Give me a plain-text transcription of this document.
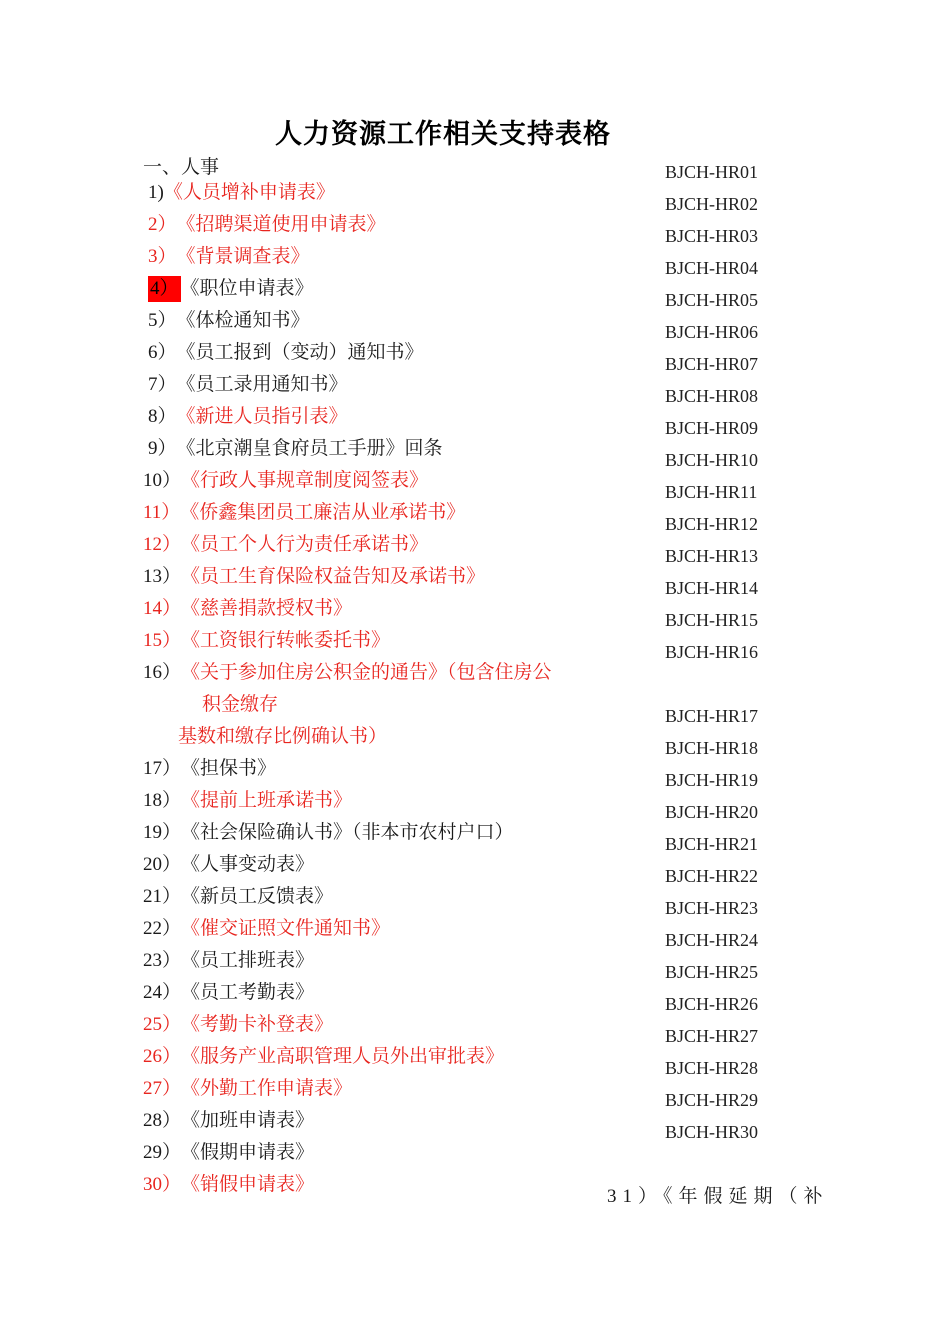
人力资源工作相关支持表格
一、人事
1)《人员增补申请表》
2）《招聘渠道使用申请表》
3）《背景调查表》
4） 《职位申请表》
5）《体检通知书》
6）《员工报到（变动）通知书》
7）《员工录用通知书》
8）《新进人员指引表》
9）《北京潮皇食府员工手册》回条
10）《行政人事规章制度阅签表》
11）《侨鑫集团员工廉洁从业承诺书》
12）《员工个人行为责任承诺书》
13）《员工生育保险权益告知及承诺书》
14）《慈善捐款授权书》
15）《工资银行转帐委托书》
16）《关于参加住房公积金的通告》（包含住房公
积金缴存
基数和缴存比例确认书）
17）《担保书》
18）《提前上班承诺书》
19）《社会保险确认书》（非本市农村户口）
20）《人事变动表》
21）《新员工反馈表》
22）《催交证照文件通知书》
23）《员工排班表》
24）《员工考勤表》
25）《考勤卡补登表》
26）《服务产业高职管理人员外出审批表》
27）《外勤工作申请表》
28）《加班申请表》
29）《假期申请表》
30）《销假申请表》
BJCH-HR01
BJCH-HR02
BJCH-HR03
BJCH-HR04
BJCH-HR05
BJCH-HR06
BJCH-HR07
BJCH-HR08
BJCH-HR09
BJCH-HR10
BJCH-HR11
BJCH-HR12
BJCH-HR13
BJCH-HR14
BJCH-HR15
BJCH-HR16
BJCH-HR17
BJCH-HR18
BJCH-HR19
BJCH-HR20
BJCH-HR21
BJCH-HR22
BJCH-HR23
BJCH-HR24
BJCH-HR25
BJCH-HR26
BJCH-HR27
BJCH-HR28
BJCH-HR29
BJCH-HR30
31）《年假延期（补
